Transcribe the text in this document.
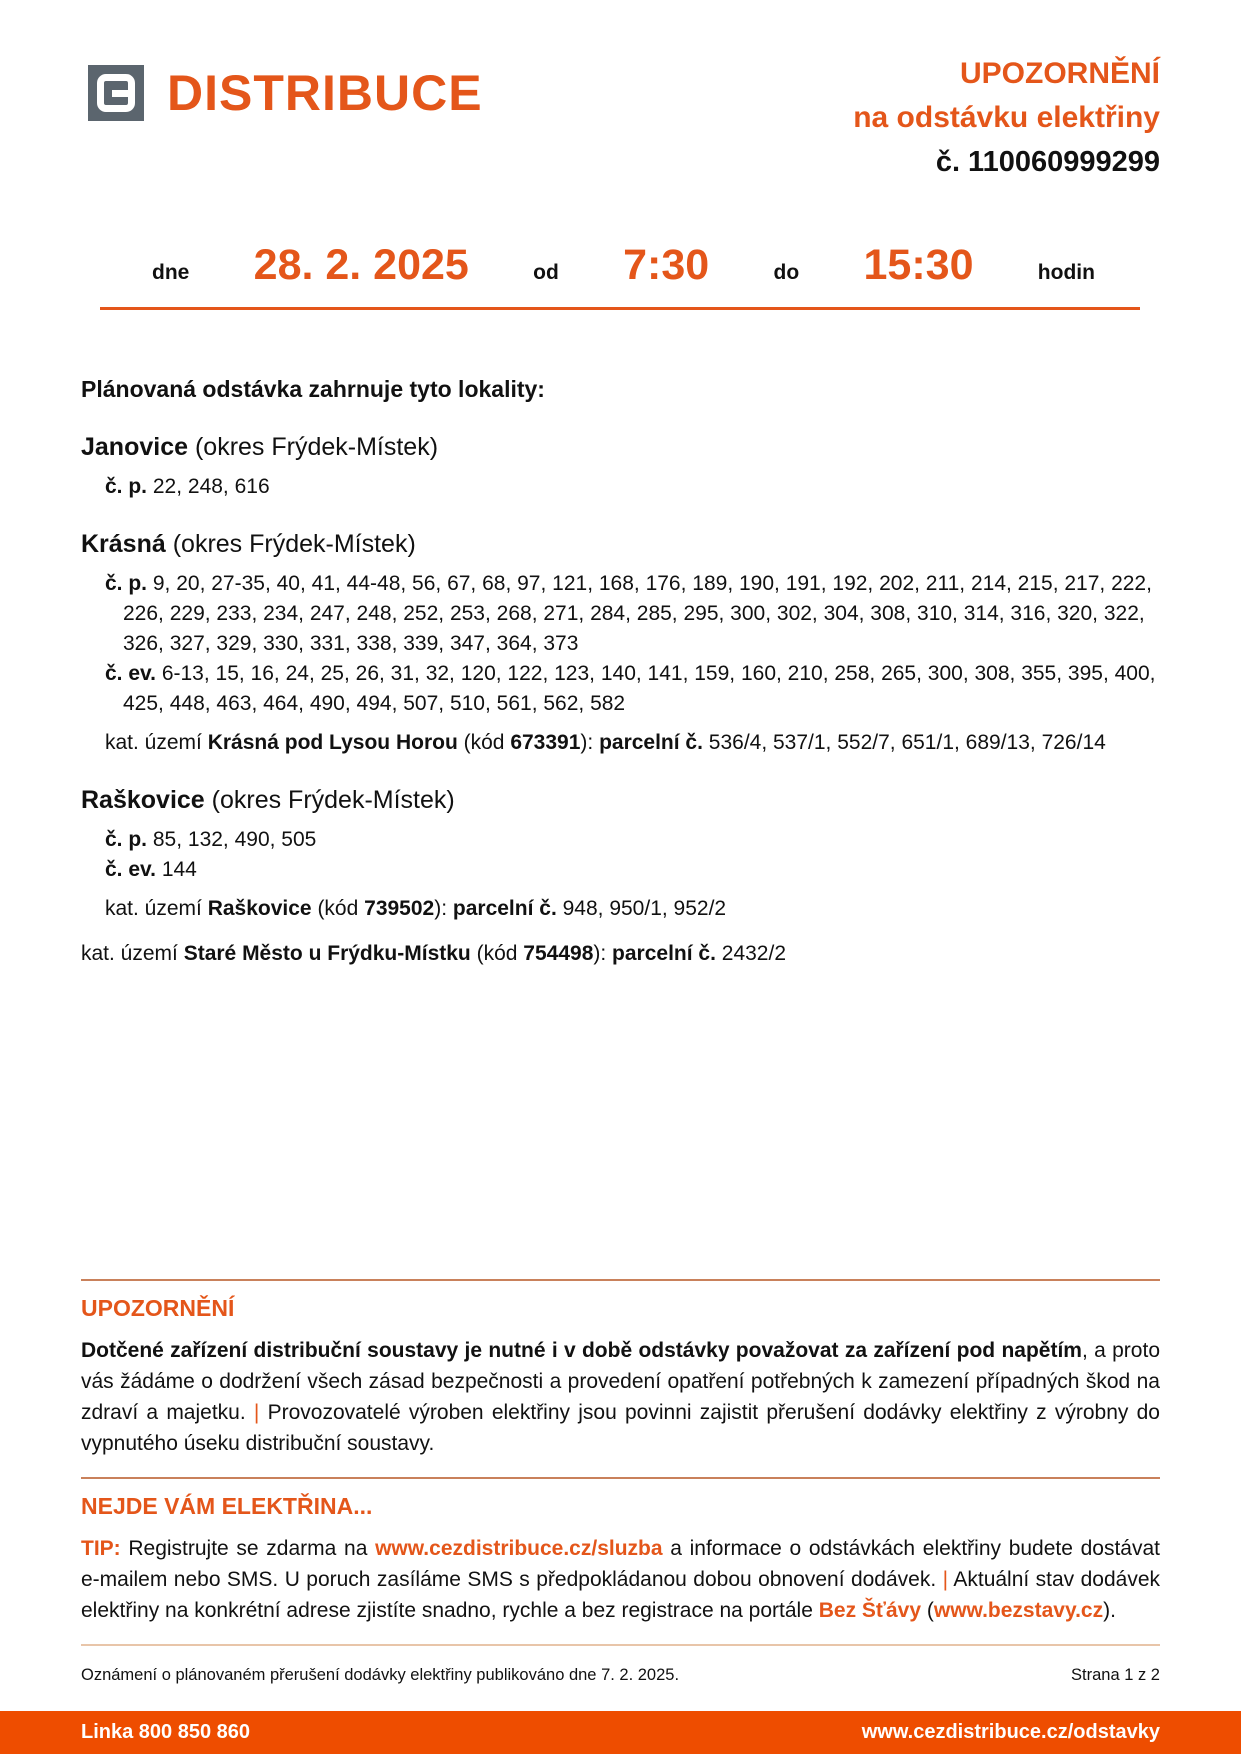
DISTRIBUCE	UPOZORNĚNÍ
na odstávku elektřiny
č. 110060999299
dne 28. 2. 2025	od 7:30	do 15:30	hodin
Plánovaná odstávka zahrnuje tyto lokality:
Janovice (okres Frýdek-Místek)
č. p. 22, 248, 616
Krásná (okres Frýdek-Místek)
č. p. 9, 20, 27-35, 40, 41, 44-48, 56, 67, 68, 97, 121, 168, 176, 189, 190, 191, 192, 202, 211, 214, 215, 217, 222, 226, 229, 233, 234, 247, 248, 252, 253, 268, 271, 284, 285, 295, 300, 302, 304, 308, 310, 314, 316, 320, 322, 326, 327, 329, 330, 331, 338, 339, 347, 364, 373
č. ev. 6-13, 15, 16, 24, 25, 26, 31, 32, 120, 122, 123, 140, 141, 159, 160, 210, 258, 265, 300, 308, 355, 395, 400, 425, 448, 463, 464, 490, 494, 507, 510, 561, 562, 582
kat. území Krásná pod Lysou Horou (kód 673391): parcelní č. 536/4, 537/1, 552/7, 651/1, 689/13, 726/14
Raškovice (okres Frýdek-Místek)
č. p. 85, 132, 490, 505
č. ev. 144
kat. území Raškovice (kód 739502): parcelní č. 948, 950/1, 952/2
kat. území Staré Město u Frýdku-Místku (kód 754498): parcelní č. 2432/2
UPOZORNĚNÍ
Dotčené zařízení distribuční soustavy je nutné i v době odstávky považovat za zařízení pod napětím, a proto vás žádáme o dodržení všech zásad bezpečnosti a provedení opatření potřebných k zamezení případných škod na zdraví a majetku. | Provozovatelé výroben elektřiny jsou povinni zajistit přerušení dodávky elektřiny z výrobny do vypnutého úseku distribuční soustavy.
NEJDE VÁM ELEKTŘINA...
TIP: Registrujte se zdarma na www.cezdistribuce.cz/sluzba a informace o odstávkách elektřiny budete dostávat e-mailem nebo SMS. U poruch zasíláme SMS s předpokládanou dobou obnovení dodávek. | Aktuální stav dodávek elektřiny na konkrétní adrese zjistíte snadno, rychle a bez registrace na portále Bez Šťávy (www.bezstavy.cz).
Oznámení o plánovaném přerušení dodávky elektřiny publikováno dne 7. 2. 2025.	Strana 1 z 2
Linka 800 850 860	www.cezdistribuce.cz/odstavky
